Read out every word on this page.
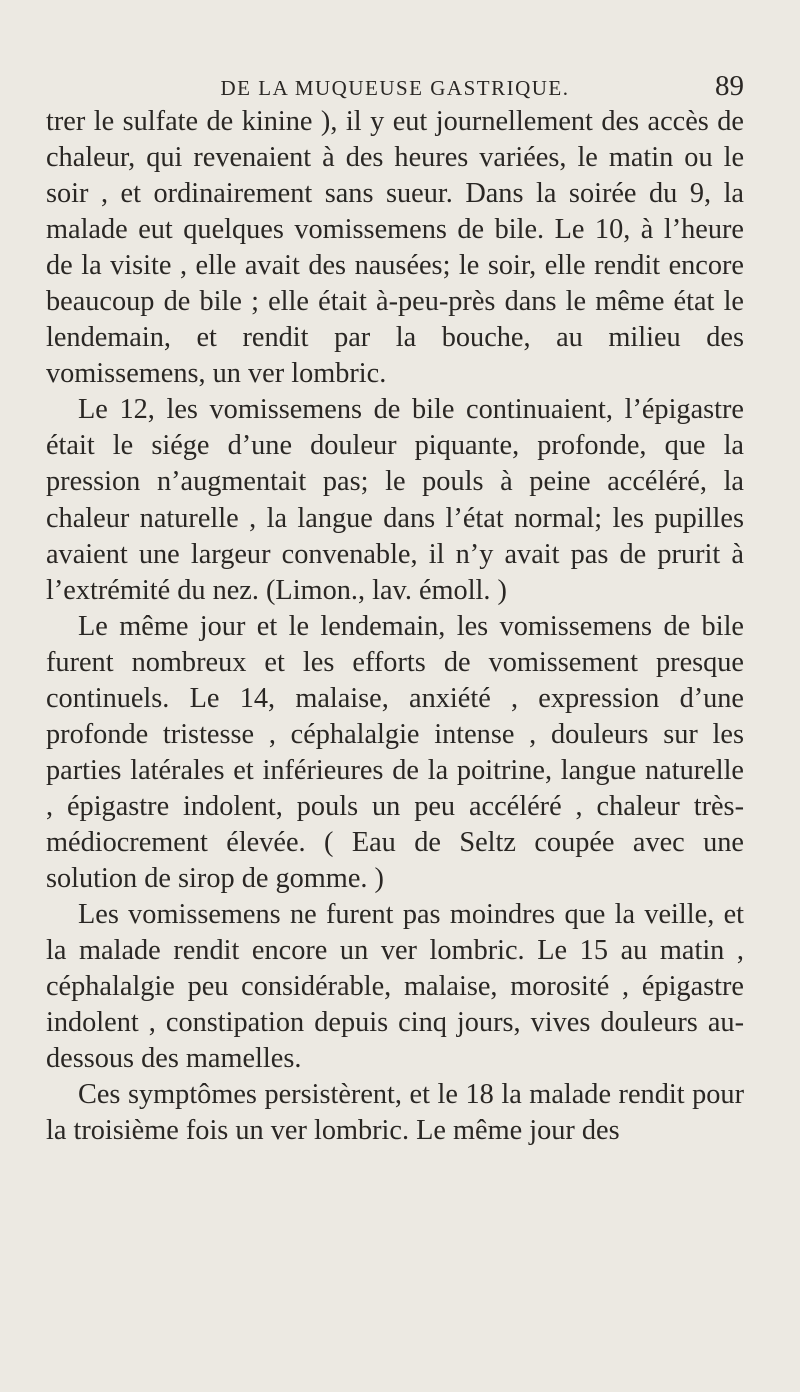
DE LA MUQUEUSE GASTRIQUE.	89

trer le sulfate de kinine ), il y eut journellement des accès de chaleur, qui revenaient à des heures variées, le matin ou le soir , et ordinairement sans sueur. Dans la soirée du 9, la malade eut quelques vomissemens de bile. Le 10, à l’heure de la visite , elle avait des nausées; le soir, elle rendit encore beaucoup de bile ; elle était à-peu-près dans le même état le lendemain, et rendit par la bouche, au milieu des vomissemens, un ver lombric.

Le 12, les vomissemens de bile continuaient, l’épigastre était le siége d’une douleur piquante, profonde, que la pression n’augmentait pas; le pouls à peine accéléré, la chaleur naturelle , la langue dans l’état normal; les pupilles avaient une largeur convenable, il n’y avait pas de prurit à l’extrémité du nez. (Limon., lav. émoll. )

Le même jour et le lendemain, les vomissemens de bile furent nombreux et les efforts de vomissement presque continuels. Le 14, malaise, anxiété , expression d’une profonde tristesse , céphalalgie intense , douleurs sur les parties latérales et inférieures de la poitrine, langue naturelle , épigastre indolent, pouls un peu accéléré , chaleur très-médiocrement élevée. ( Eau de Seltz coupée avec une solution de sirop de gomme. )

Les vomissemens ne furent pas moindres que la veille, et la malade rendit encore un ver lombric. Le 15 au matin , céphalalgie peu considérable, malaise, morosité , épigastre indolent , constipation depuis cinq jours, vives douleurs au-dessous des mamelles.

Ces symptômes persistèrent, et le 18 la malade rendit pour la troisième fois un ver lombric. Le même jour des
